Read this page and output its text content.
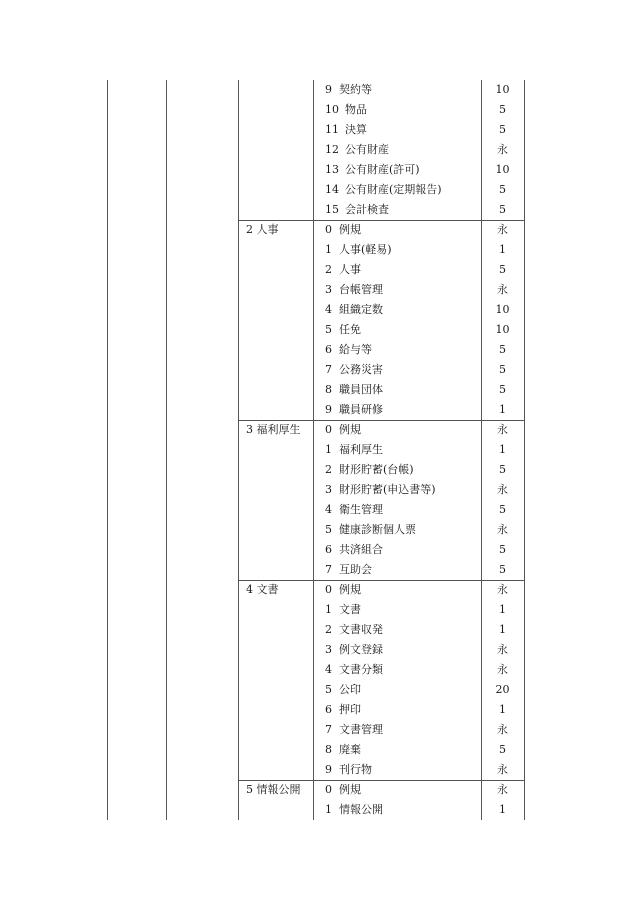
2 人事
3 福利厚生
4 文書
5 情報公開
9 契約等
10 物品
11 決算
12 公有財産
13 公有財産(許可)
14 公有財産(定期報告)
15 会計検査
0 例規
1 人事(軽易)
2 人事
3 台帳管理
4 組織定数
5 任免
6 給与等
7 公務災害
8 職員団体
9 職員研修
0 例規
1 福利厚生
2 財形貯蓄(台帳)
3 財形貯蓄(申込書等)
4 衛生管理
5 健康診断個人票
6 共済組合
7 互助会
0 例規
1 文書
2 文書収発
3 例文登録
4 文書分類
5 公印
6 押印
7 文書管理
8 廃棄
9 刊行物
0 例規
1 情報公開
10
5
5
永
10
5
5
永
1
5
永
10
10
5
5
5
1
永
1
5
永
5
永
5
5
永
1
1
永
永
20
1
永
5
永
永
1
